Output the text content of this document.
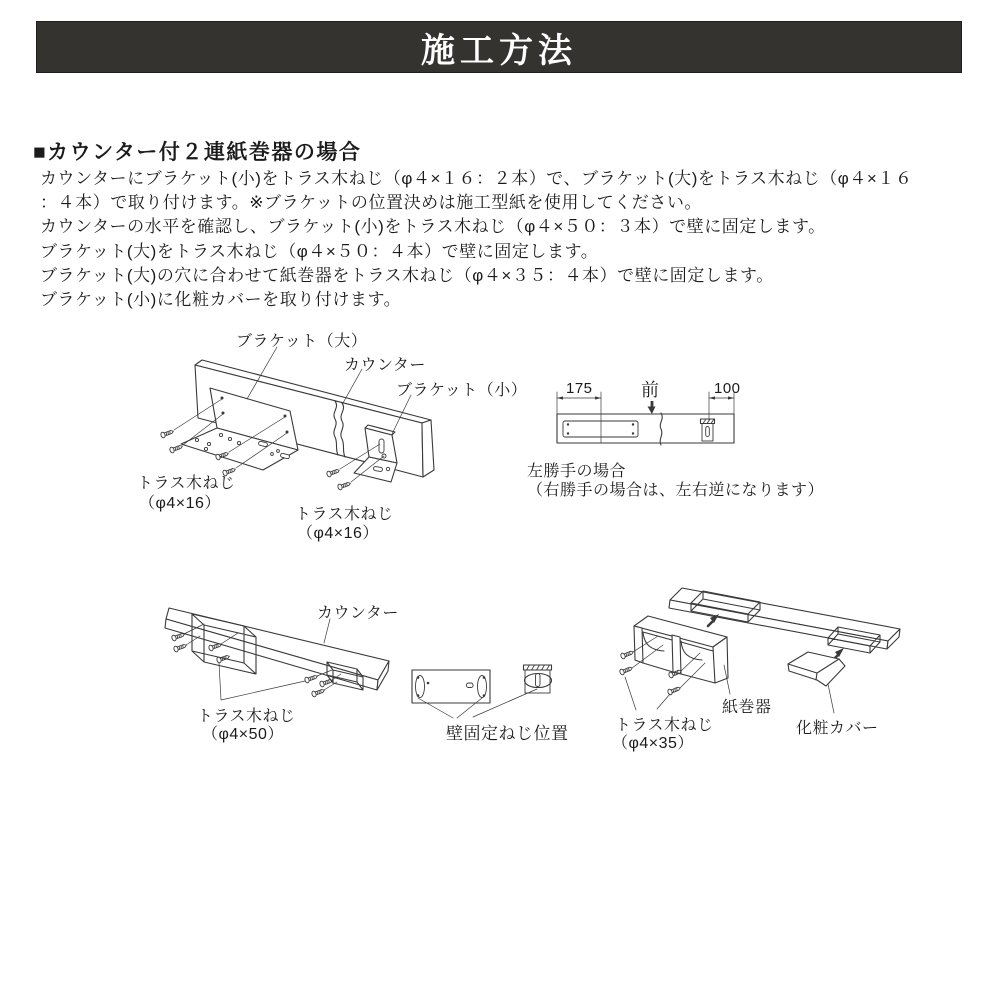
施工方法
■カウンター付２連紙巻器の場合
カウンターにブラケット(小)をトラス木ねじ（φ４×１６：２本）で、ブラケット(大)をトラス木ねじ（φ４×１６
：４本）で取り付けます。※ブラケットの位置決めは施工型紙を使用してください。
カウンターの水平を確認し、ブラケット(小)をトラス木ねじ（φ４×５０：３本）で壁に固定します。
ブラケット(大)をトラス木ねじ（φ４×５０：４本）で壁に固定します。
ブラケット(大)の穴に合わせて紙巻器をトラス木ねじ（φ４×３５：４本）で壁に固定します。
ブラケット(小)に化粧カバーを取り付けます。
ブラケット（大）
カウンター
ブラケット（小）
トラス木ねじ
（φ4×16）
トラス木ねじ
（φ4×16）
175	前	100
左勝手の場合
（右勝手の場合は、左右逆になります）
カウンター
トラス木ねじ
（φ4×50）	壁固定ねじ位置	トラス木ねじ
（φ4×35）
紙巻器
化粧カバー
